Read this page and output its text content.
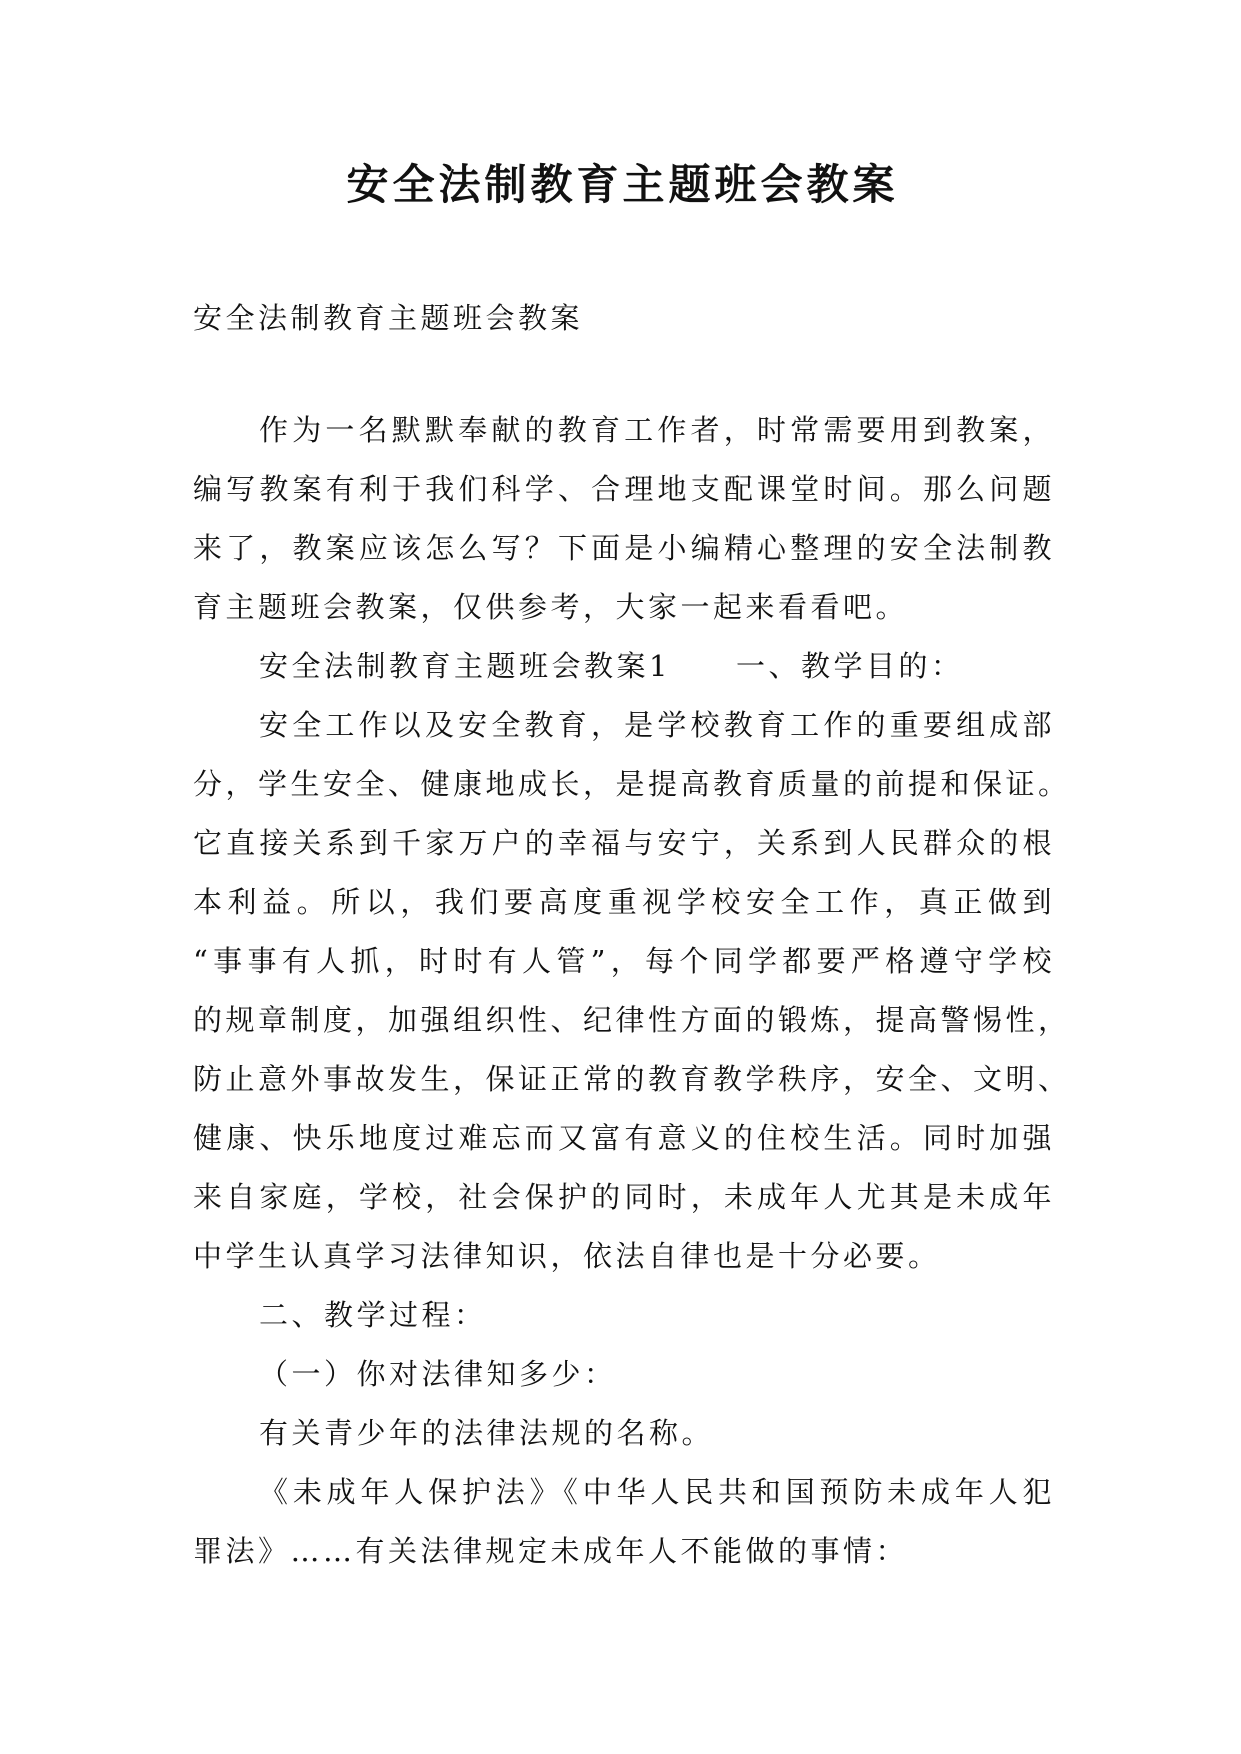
安全法制教育主题班会教案
安全法制教育主题班会教案
作为一名默默奉献的教育工作者，时常需要用到教案，
编写教案有利于我们科学、合理地支配课堂时间。那么问题
来了，教案应该怎么写？下面是小编精心整理的安全法制教
育主题班会教案，仅供参考，大家一起来看看吧。
安全法制教育主题班会教案1　　一、教学目的：
安全工作以及安全教育，是学校教育工作的重要组成部
分，学生安全、健康地成长，是提高教育质量的前提和保证。
它直接关系到千家万户的幸福与安宁，关系到人民群众的根
本利益。所以，我们要高度重视学校安全工作，真正做到
“事事有人抓，时时有人管”，每个同学都要严格遵守学校
的规章制度，加强组织性、纪律性方面的锻炼，提高警惕性，
防止意外事故发生，保证正常的教育教学秩序，安全、文明、
健康、快乐地度过难忘而又富有意义的住校生活。同时加强
来自家庭，学校，社会保护的同时，未成年人尤其是未成年
中学生认真学习法律知识，依法自律也是十分必要。
二、教学过程：
（一）你对法律知多少：
有关青少年的法律法规的名称。
《未成年人保护法》《中华人民共和国预防未成年人犯
罪法》……有关法律规定未成年人不能做的事情：
